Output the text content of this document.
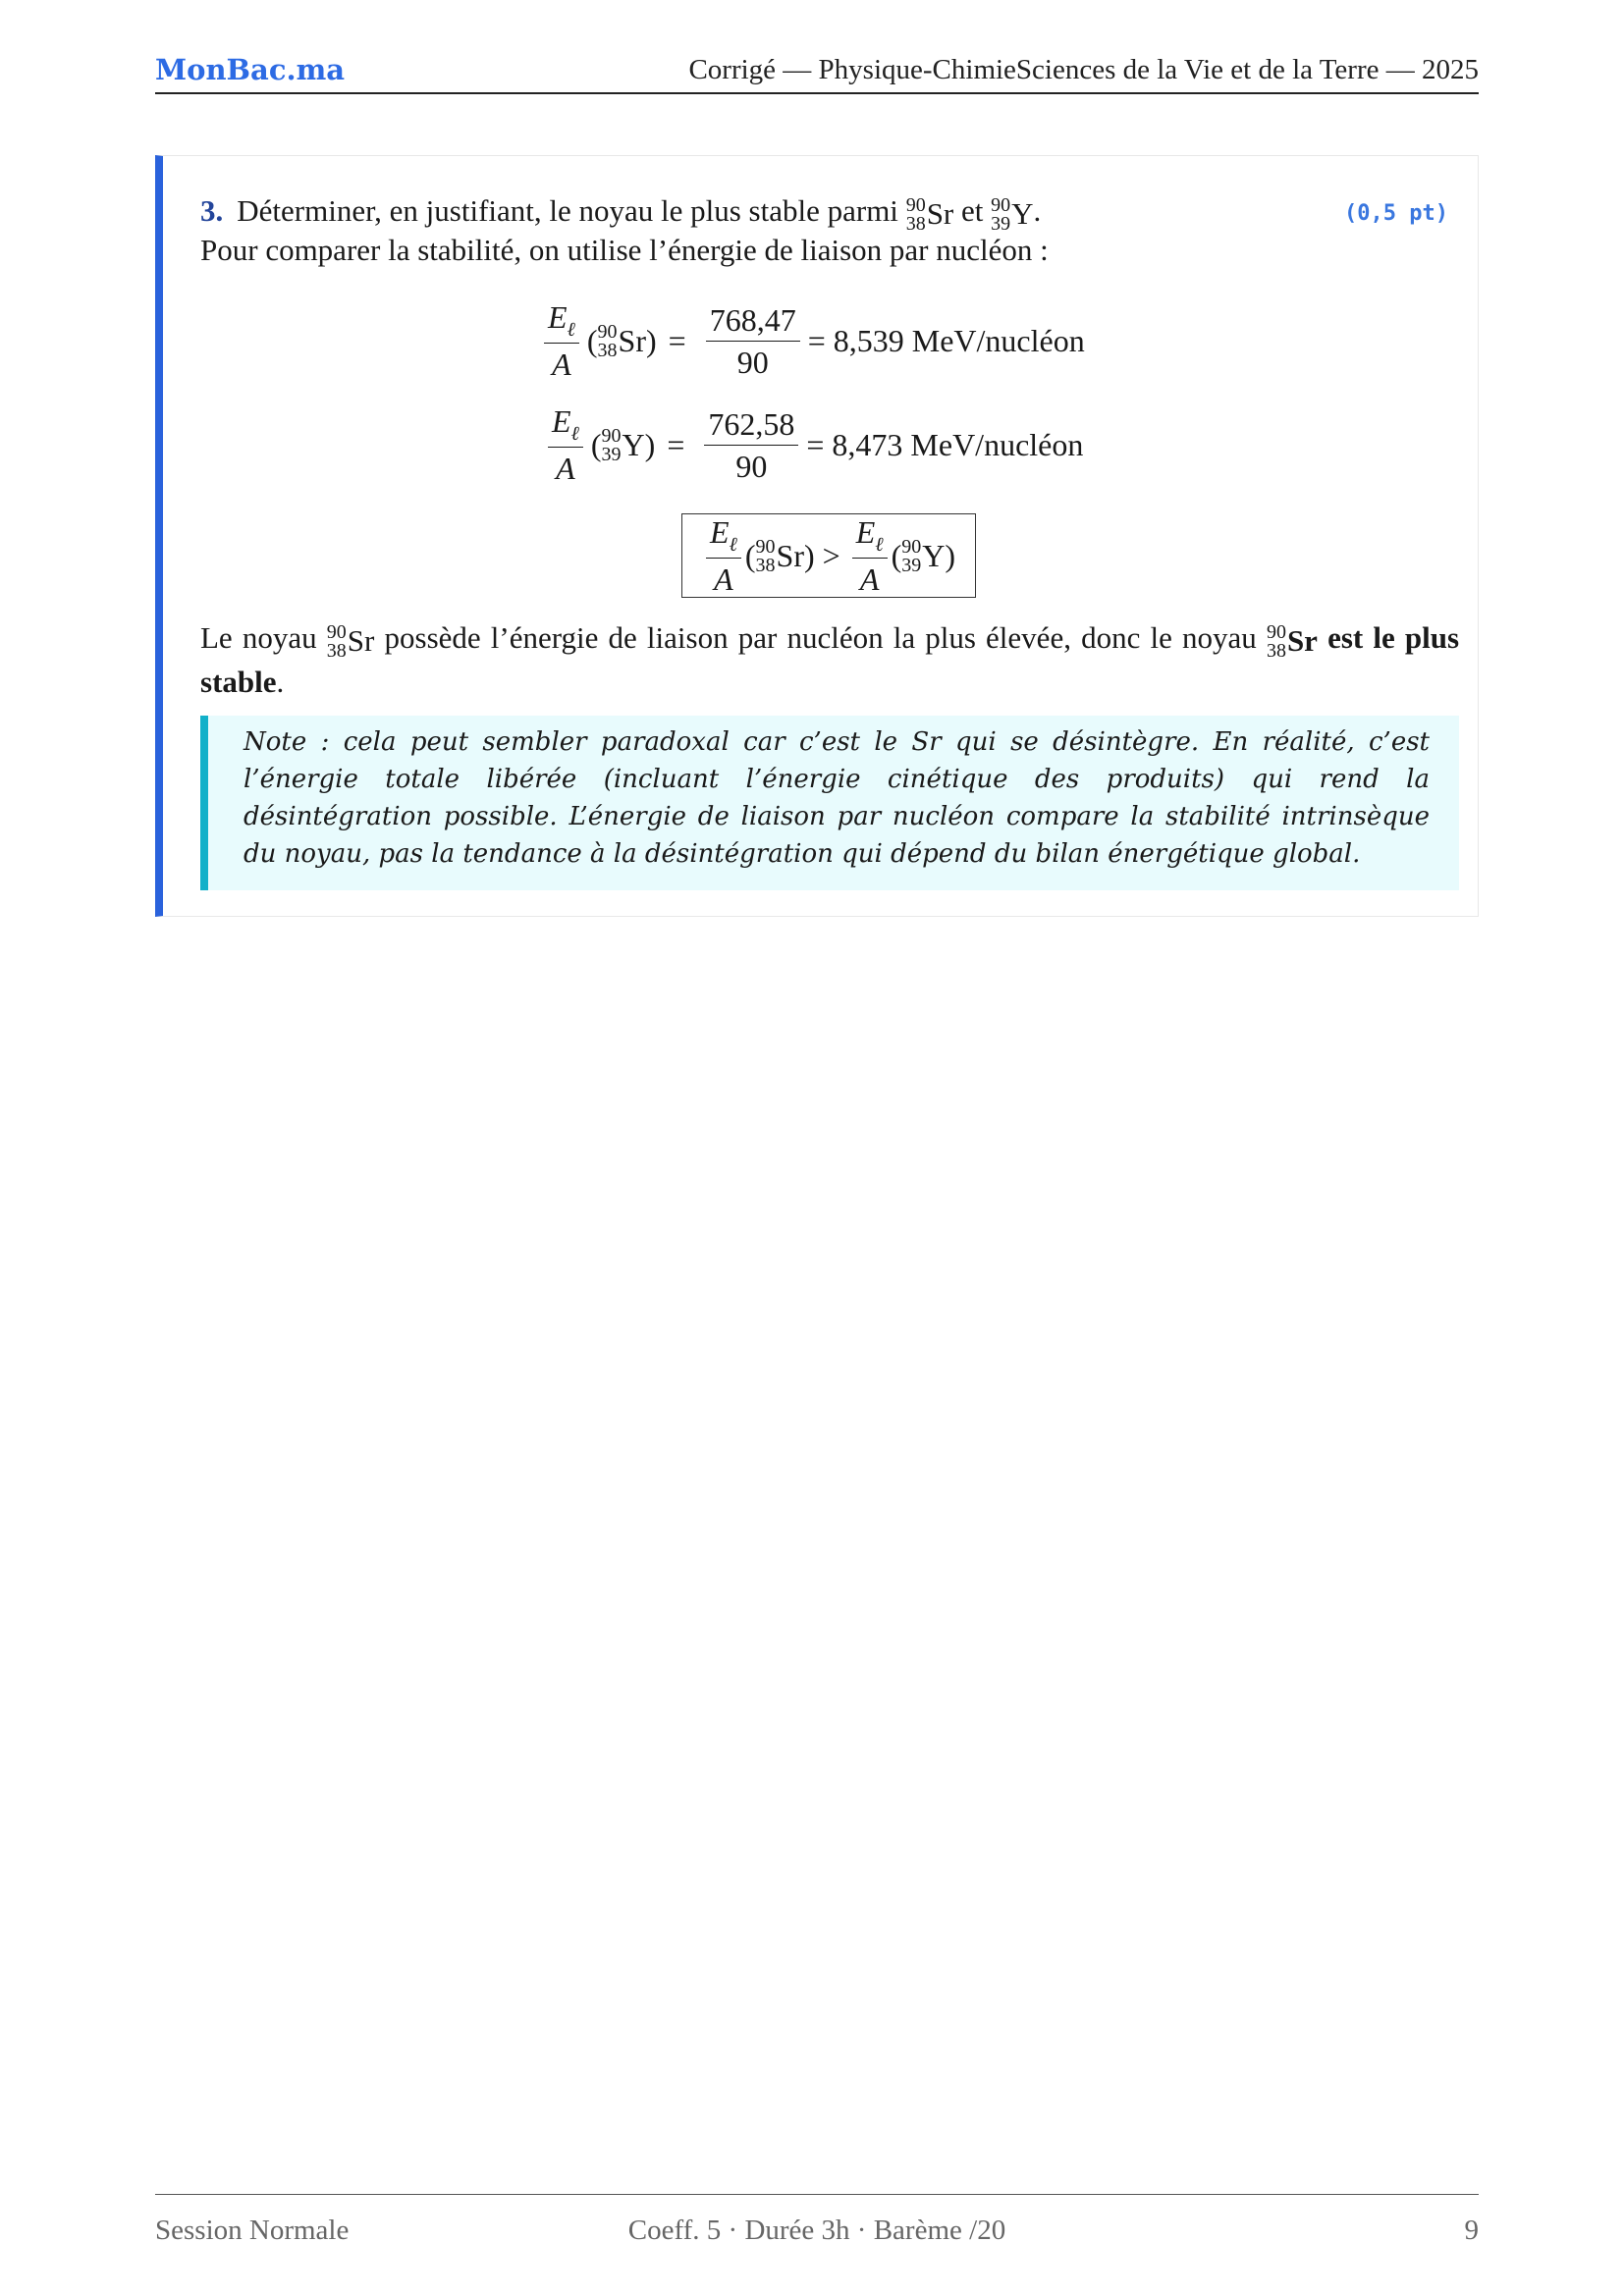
MonBac.ma	Corrigé — Physique-ChimieSciences de la Vie et de la Terre — 2025
3. Déterminer, en justifiant, le noyau le plus stable parmi 90
38 Sr et 90
39 Y .	(0,5 pt)
Pour comparer la stabilité, on utilise l’énergie de liaison par nucléon :
$\frac{E_\ell}{A}$ ( 90
38 Sr ) = $\frac{768,47}{90} = 8,539$ MeV/nucléon
$\frac{E_\ell}{A}$ ( 90
39 Y ) = $\frac{762,58}{90} = 8,473$ MeV/nucléon
$\frac{E_\ell}{A}$ ( 90
38 Sr ) > $\frac{E_\ell}{A}$ ( 90
39 Y )
Le noyau 90
38 Sr possède l’énergie de liaison par nucléon la plus élevée, donc le noyau 90
38 Sr est le plus stable.

Note : cela peut sembler paradoxal car c’est le Sr qui se désintègre. En réalité, c’est l’énergie totale libérée (incluant l’énergie cinétique des produits) qui rend la désintégration possible. L’énergie de liaison par nucléon compare la stabilité intrinsèque du noyau, pas la tendance à la désintégration qui dépend du bilan énergétique global.

Session Normale	Coeff. 5 · Durée 3h · Barème /20	9
